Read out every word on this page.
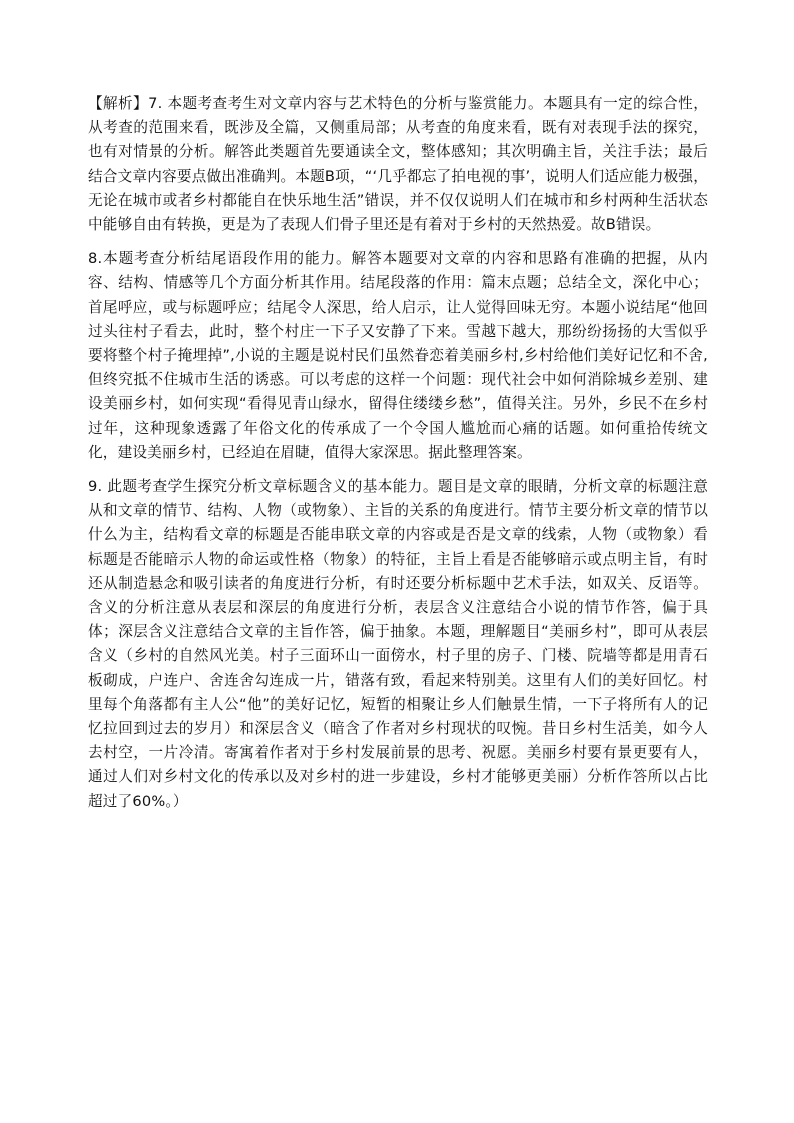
【解析】7. 本题考查考生对文章内容与艺术特色的分析与鉴赏能力。本题具有一定的综合性，从考查的范围来看，既涉及全篇，又侧重局部；从考查的角度来看，既有对表现手法的探究，也有对情景的分析。解答此类题首先要通读全文，整体感知；其次明确主旨，关注手法；最后结合文章内容要点做出准确判。本题B项，“‘几乎都忘了拍电视的事’，说明人们适应能力极强，无论在城市或者乡村都能自在快乐地生活”错误，并不仅仅说明人们在城市和乡村两种生活状态中能够自由有转换，更是为了表现人们骨子里还是有着对于乡村的天然热爱。故B错误。

8.本题考查分析结尾语段作用的能力。解答本题要对文章的内容和思路有准确的把握，从内容、结构、情感等几个方面分析其作用。结尾段落的作用：篇末点题；总结全文，深化中心；首尾呼应，或与标题呼应；结尾令人深思，给人启示，让人觉得回味无穷。本题小说结尾“他回过头往村子看去，此时，整个村庄一下子又安静了下来。雪越下越大，那纷纷扬扬的大雪似乎要将整个村子掩埋掉”,小说的主题是说村民们虽然眷恋着美丽乡村,乡村给他们美好记忆和不舍,但终究抵不住城市生活的诱惑。可以考虑的这样一个问题：现代社会中如何消除城乡差别、建设美丽乡村，如何实现“看得见青山绿水，留得住缕缕乡愁”，值得关注。另外，乡民不在乡村过年，这种现象透露了年俗文化的传承成了一个令国人尴尬而心痛的话题。如何重拾传统文化，建设美丽乡村，已经迫在眉睫，值得大家深思。据此整理答案。

9. 此题考查学生探究分析文章标题含义的基本能力。题目是文章的眼睛，分析文章的标题注意从和文章的情节、结构、人物（或物象）、主旨的关系的角度进行。情节主要分析文章的情节以什么为主，结构看文章的标题是否能串联文章的内容或是否是文章的线索，人物（或物象）看标题是否能暗示人物的命运或性格（物象）的特征，主旨上看是否能够暗示或点明主旨，有时还从制造悬念和吸引读者的角度进行分析，有时还要分析标题中艺术手法，如双关、反语等。含义的分析注意从表层和深层的角度进行分析，表层含义注意结合小说的情节作答，偏于具体；深层含义注意结合文章的主旨作答，偏于抽象。本题，理解题目“美丽乡村”，即可从表层含义（乡村的自然风光美。村子三面环山一面傍水，村子里的房子、门楼、院墙等都是用青石板砌成，户连户、舍连舍勾连成一片，错落有致，看起来特别美。这里有人们的美好回忆。村里每个角落都有主人公“他”的美好记忆，短暂的相聚让乡人们触景生情，一下子将所有人的记忆拉回到过去的岁月）和深层含义（暗含了作者对乡村现状的叹惋。昔日乡村生活美，如今人去村空，一片冷清。寄寓着作者对于乡村发展前景的思考、祝愿。美丽乡村要有景更要有人，通过人们对乡村文化的传承以及对乡村的进一步建设，乡村才能够更美丽）分析作答所以占比超过了60%。）
